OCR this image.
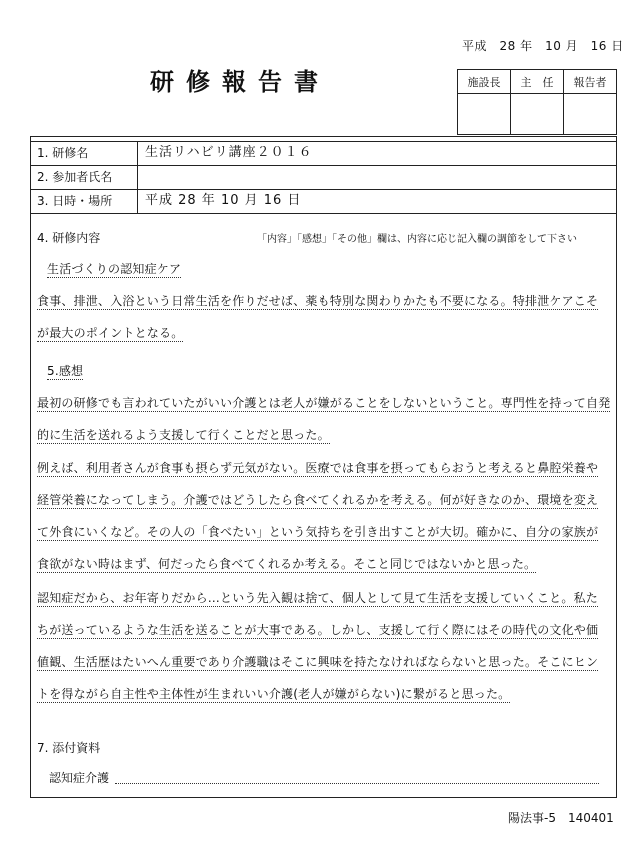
平成　28 年　10 月　16 日
研修報告書	施設長	主　任	報告者

1. 研修名	生活リハビリ講座２０１６
2. 参加者氏名
3. 日時・場所	平成 28 年 10 月 16 日
4. 研修内容	「内容」「感想」「その他」欄は、内容に応じ記入欄の調節をして下さい
生活づくりの認知症ケア
食事、排泄、入浴という日常生活を作りだせば、薬も特別な関わりかたも不要になる。特排泄ケアこそ
が最大のポイントとなる。
5.感想
最初の研修でも言われていたがいい介護とは老人が嫌がることをしないということ。専門性を持って自発
的に生活を送れるよう支援して行くことだと思った。
例えば、利用者さんが食事も摂らず元気がない。医療では食事を摂ってもらおうと考えると鼻腔栄養や
経管栄養になってしまう。介護ではどうしたら食べてくれるかを考える。何が好きなのか、環境を変え
て外食にいくなど。その人の「食べたい」という気持ちを引き出すことが大切。確かに、自分の家族が
食欲がない時はまず、何だったら食べてくれるか考える。そこと同じではないかと思った。
認知症だから、お年寄りだから…という先入観は捨て、個人として見て生活を支援していくこと。私た
ちが送っているような生活を送ることが大事である。しかし、支援して行く際にはその時代の文化や価
値観、生活歴はたいへん重要であり介護職はそこに興味を持たなければならないと思った。そこにヒン
トを得ながら自主性や主体性が生まれいい介護(老人が嫌がらない)に繋がると思った。
7. 添付資料
認知症介護
陽法事-5　140401
